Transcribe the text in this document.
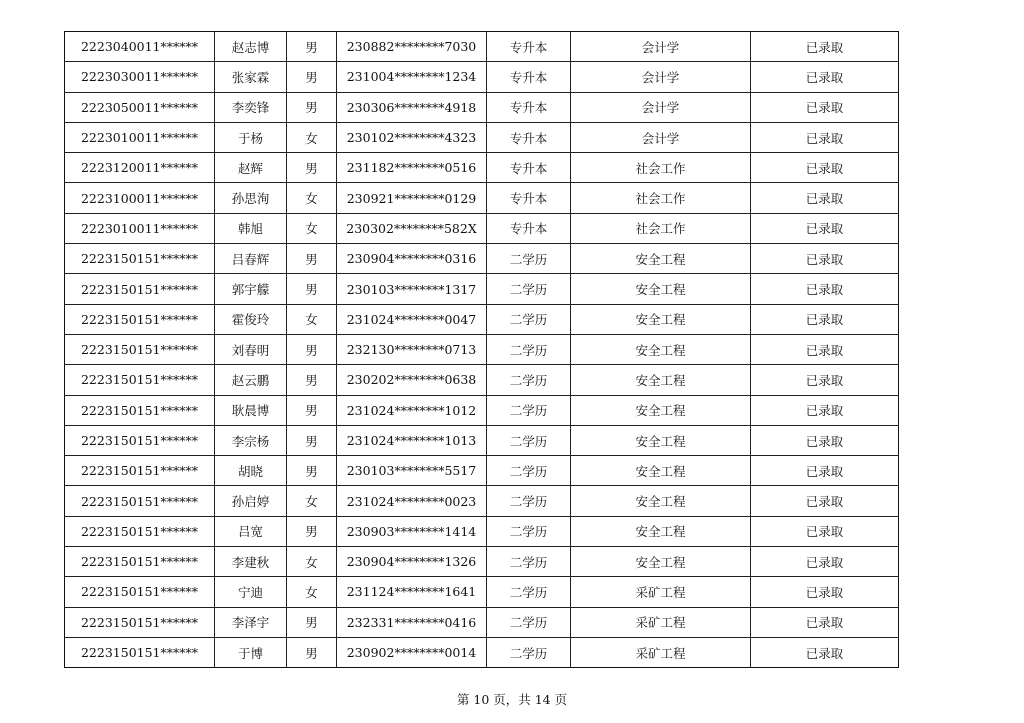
2223040011******	赵志博	男	230882********7030	专升本	会计学	已录取
2223030011******	张家霖	男	231004********1234	专升本	会计学	已录取
2223050011******	李奕锋	男	230306********4918	专升本	会计学	已录取
2223010011******	于杨	女	230102********4323	专升本	会计学	已录取
2223120011******	赵辉	男	231182********0516	专升本	社会工作	已录取
2223100011******	孙思洵	女	230921********0129	专升本	社会工作	已录取
2223010011******	韩旭	女	230302********582X	专升本	社会工作	已录取
2223150151******	吕春辉	男	230904********0316	二学历	安全工程	已录取
2223150151******	郭宇艨	男	230103********1317	二学历	安全工程	已录取
2223150151******	霍俊玲	女	231024********0047	二学历	安全工程	已录取
2223150151******	刘春明	男	232130********0713	二学历	安全工程	已录取
2223150151******	赵云鹏	男	230202********0638	二学历	安全工程	已录取
2223150151******	耿晨博	男	231024********1012	二学历	安全工程	已录取
2223150151******	李宗杨	男	231024********1013	二学历	安全工程	已录取
2223150151******	胡晓	男	230103********5517	二学历	安全工程	已录取
2223150151******	孙启婷	女	231024********0023	二学历	安全工程	已录取
2223150151******	吕宽	男	230903********1414	二学历	安全工程	已录取
2223150151******	李建秋	女	230904********1326	二学历	安全工程	已录取
2223150151******	宁迪	女	231124********1641	二学历	采矿工程	已录取
2223150151******	李泽宇	男	232331********0416	二学历	采矿工程	已录取
2223150151******	于博	男	230902********0014	二学历	采矿工程	已录取
第 10 页，共 14 页
